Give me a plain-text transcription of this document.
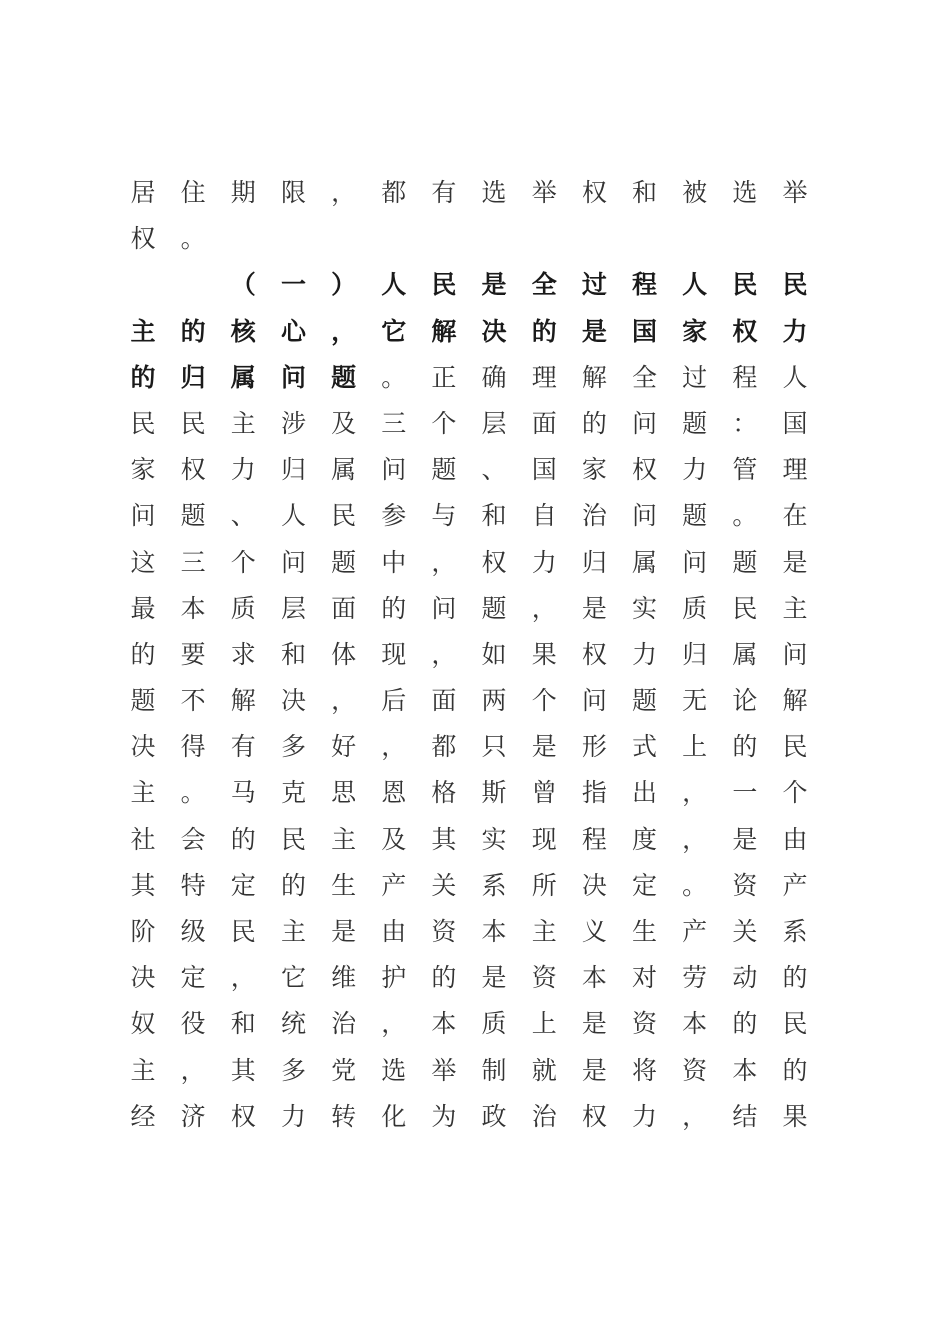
居 住 期 限 ， 都 有 选 举 权 和 被 选 举
权 。
（ 一 ） 人 民 是 全 过 程 人 民 民
主 的 核 心 ， 它 解 决 的 是 国 家 权 力
的 归 属 问 题 。 正 确 理 解 全 过 程 人
民 民 主 涉 及 三 个 层 面 的 问 题 ： 国
家 权 力 归 属 问 题 、 国 家 权 力 管 理
问 题 、 人 民 参 与 和 自 治 问 题 。 在
这 三 个 问 题 中 ， 权 力 归 属 问 题 是
最 本 质 层 面 的 问 题 ， 是 实 质 民 主
的 要 求 和 体 现 ， 如 果 权 力 归 属 问
题 不 解 决 ， 后 面 两 个 问 题 无 论 解
决 得 有 多 好 ， 都 只 是 形 式 上 的 民
主 。 马 克 思 恩 格 斯 曾 指 出 ， 一 个
社 会 的 民 主 及 其 实 现 程 度 ， 是 由
其 特 定 的 生 产 关 系 所 决 定 。 资 产
阶 级 民 主 是 由 资 本 主 义 生 产 关 系
决 定 ， 它 维 护 的 是 资 本 对 劳 动 的
奴 役 和 统 治 ， 本 质 上 是 资 本 的 民
主 ， 其 多 党 选 举 制 就 是 将 资 本 的
经 济 权 力 转 化 为 政 治 权 力 ， 结 果
